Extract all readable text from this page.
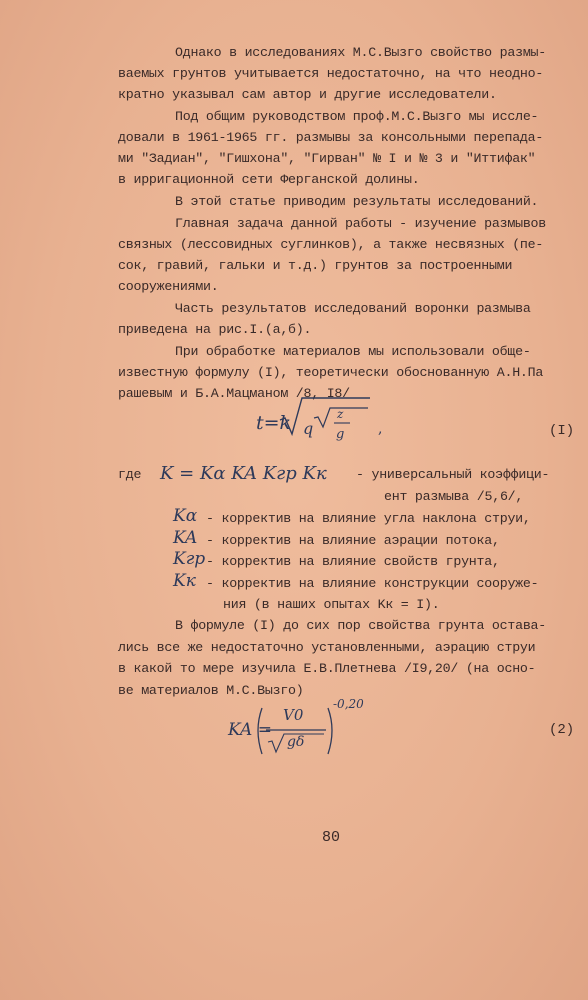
Однако в исследованиях М.С.Вызго свойство размы-
ваемых грунтов учитывается недостаточно, на что неодно-
кратно указывал сам автор и другие исследователи.
Под общим руководством проф.М.С.Вызго мы иссле-
довали в 1961-1965 гг. размывы за консольными перепада-
ми "Задиан", "Гишхона", "Гирван" № I и № 3 и "Иттифак"
в ирригационной сети Ферганской долины.
В этой статье приводим результаты исследований.
Главная задача данной работы - изучение размывов
связных (лессовидных суглинков), а также несвязных (пе-
сок, гравий, гальки и т.д.) грунтов за построенными
сооружениями.
Часть результатов исследований воронки размыва
приведена на рис.I.(а,б).
При обработке материалов мы использовали обще-
известную формулу (I), теоретически обоснованную А.Н.Па
рашевым и Б.А.Мацманом /8, I8/
t=k q
z
g ,	(I)
где K = Kα KA Kгр Kк - универсальный коэффици-
ент размыва /5,6/,
Kα - корректив на влияние угла наклона струи,
KA - корректив на влияние аэрации потока,
Kгр - корректив на влияние свойств грунта,
Kк - корректив на влияние конструкции сооруже-
ния (в наших опытах Kк = I).
В формуле (I) до сих пор свойства грунта остава-
лись все же недостаточно установленными, аэрацию струи
в какой то мере изучила Е.В.Плетнева /I9,20/ (на осно-
ве материалов М.С.Вызго)
KA =
V0
gδ
-0,20
(2)
80
